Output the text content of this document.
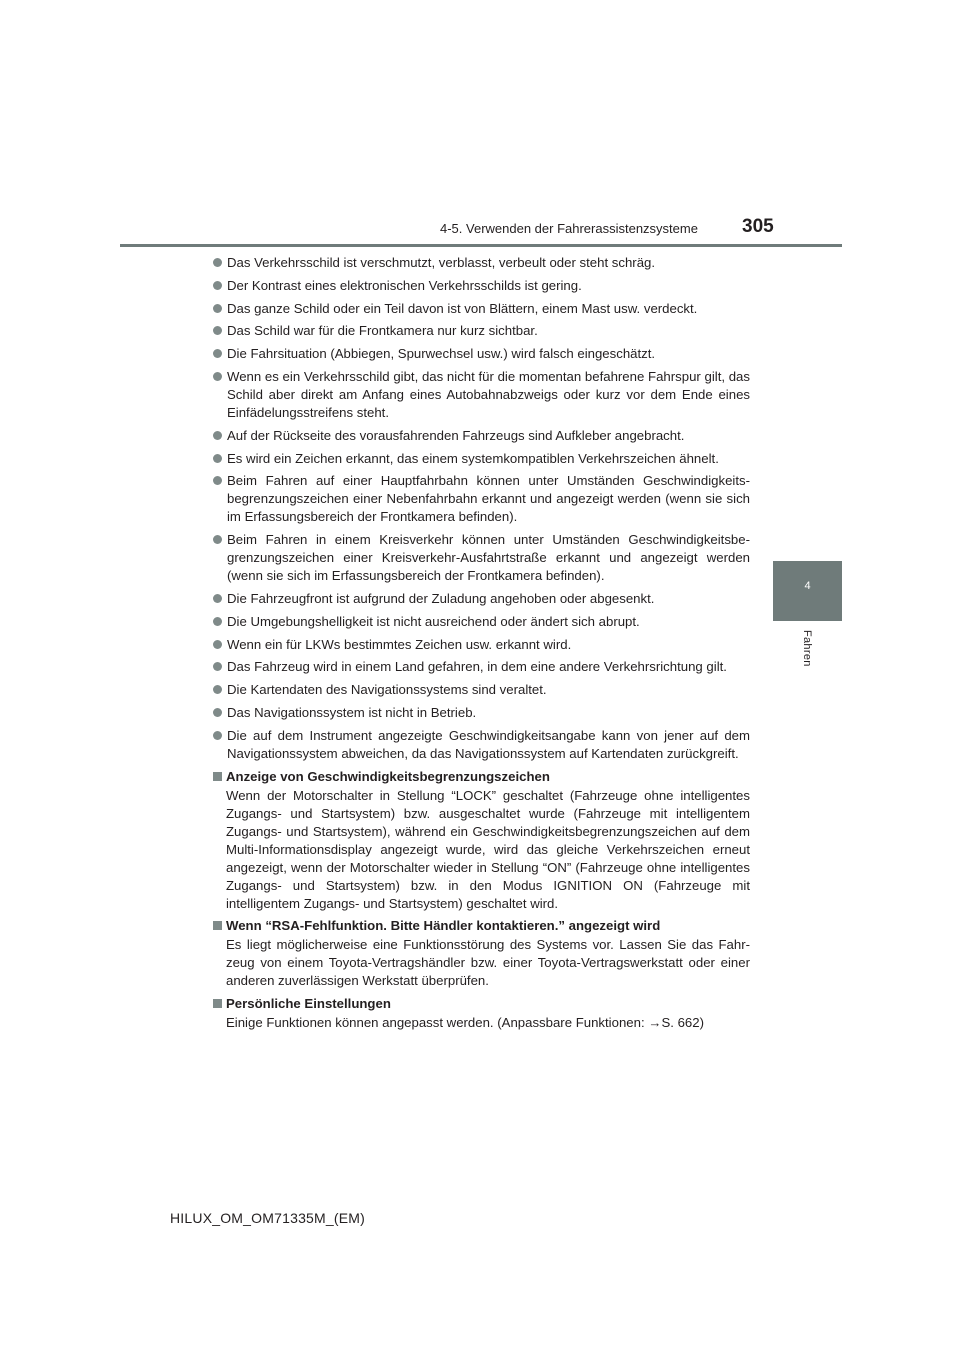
4-5. Verwenden der Fahrerassistenzsysteme 305
4
Fahren
Das Verkehrsschild ist verschmutzt, verblasst, verbeult oder steht schräg.
Der Kontrast eines elektronischen Verkehrsschilds ist gering.
Das ganze Schild oder ein Teil davon ist von Blättern, einem Mast usw. verdeckt.
Das Schild war für die Frontkamera nur kurz sichtbar.
Die Fahrsituation (Abbiegen, Spurwechsel usw.) wird falsch eingeschätzt.
Wenn es ein Verkehrsschild gibt, das nicht für die momentan befahrene Fahrspur gilt, das Schild aber direkt am Anfang eines Autobahnabzweigs oder kurz vor dem Ende eines Einfädelungsstreifens steht.
Auf der Rückseite des vorausfahrenden Fahrzeugs sind Aufkleber angebracht.
Es wird ein Zeichen erkannt, das einem systemkompatiblen Verkehrszeichen ähnelt.
Beim Fahren auf einer Hauptfahrbahn können unter Umständen Geschwindigkeits-begrenzungszeichen einer Nebenfahrbahn erkannt und angezeigt werden (wenn sie sich im Erfassungsbereich der Frontkamera befinden).
Beim Fahren in einem Kreisverkehr können unter Umständen Geschwindigkeitsbe-grenzungszeichen einer Kreisverkehr-Ausfahrtstraße erkannt und angezeigt werden (wenn sie sich im Erfassungsbereich der Frontkamera befinden).
Die Fahrzeugfront ist aufgrund der Zuladung angehoben oder abgesenkt.
Die Umgebungshelligkeit ist nicht ausreichend oder ändert sich abrupt.
Wenn ein für LKWs bestimmtes Zeichen usw. erkannt wird.
Das Fahrzeug wird in einem Land gefahren, in dem eine andere Verkehrsrichtung gilt.
Die Kartendaten des Navigationssystems sind veraltet.
Das Navigationssystem ist nicht in Betrieb.
Die auf dem Instrument angezeigte Geschwindigkeitsangabe kann von jener auf dem Navigationssystem abweichen, da das Navigationssystem auf Kartendaten zurückgreift.
Anzeige von Geschwindigkeitsbegrenzungszeichen
Wenn der Motorschalter in Stellung “LOCK” geschaltet (Fahrzeuge ohne intelligentes Zugangs- und Startsystem) bzw. ausgeschaltet wurde (Fahrzeuge mit intelligentem Zugangs- und Startsystem), während ein Geschwindigkeitsbegrenzungszeichen auf dem Multi-Informationsdisplay angezeigt wurde, wird das gleiche Verkehrszeichen erneut angezeigt, wenn der Motorschalter wieder in Stellung “ON” (Fahrzeuge ohne intelligentes Zugangs- und Startsystem) bzw. in den Modus IGNITION ON (Fahrzeuge mit intelligentem Zugangs- und Startsystem) geschaltet wird.
Wenn “RSA-Fehlfunktion. Bitte Händler kontaktieren.” angezeigt wird
Es liegt möglicherweise eine Funktionsstörung des Systems vor. Lassen Sie das Fahr-zeug von einem Toyota-Vertragshändler bzw. einer Toyota-Vertragswerkstatt oder einer anderen zuverlässigen Werkstatt überprüfen.
Persönliche Einstellungen
Einige Funktionen können angepasst werden. (Anpassbare Funktionen: →S. 662)
HILUX_OM_OM71335M_(EM)
